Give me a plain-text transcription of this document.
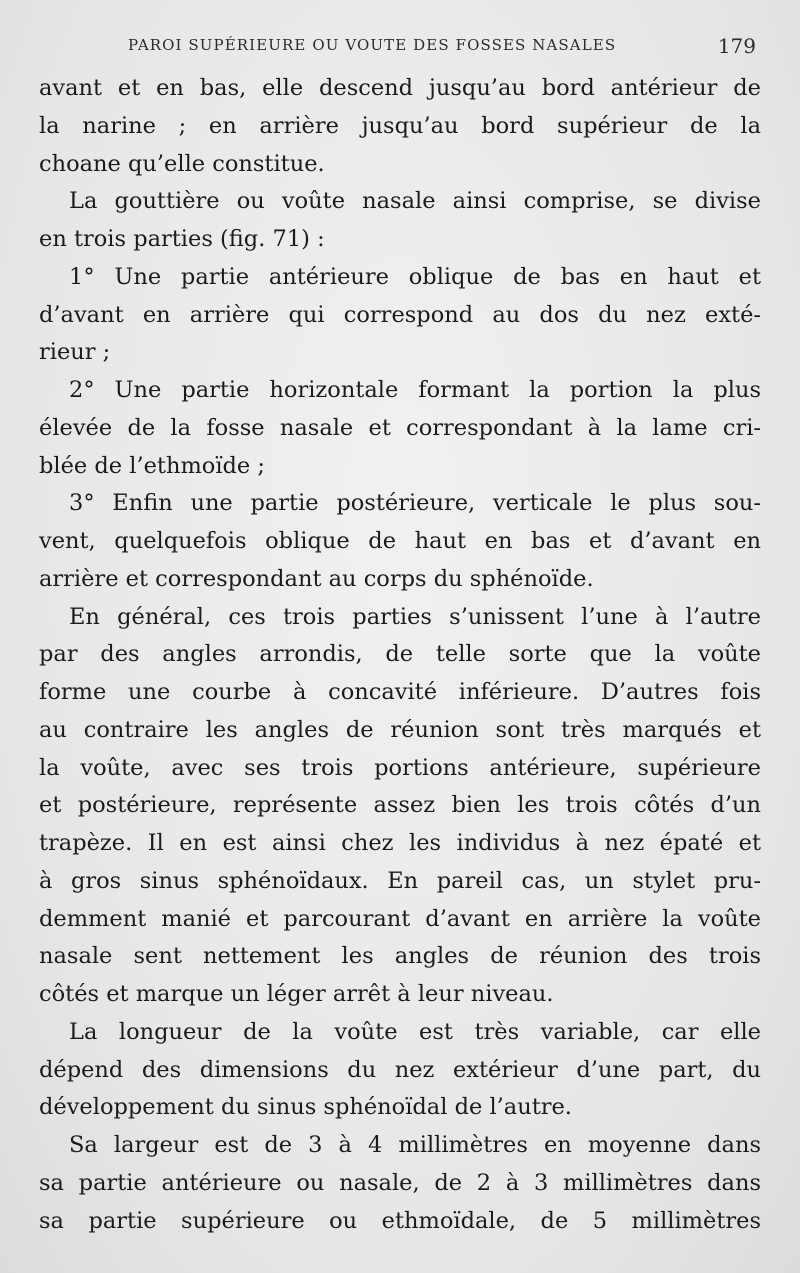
PAROI SUPÉRIEURE OU VOUTE DES FOSSES NASALES	179
avant et en bas, elle descend jusqu’au bord antérieur de
la narine ; en arrière jusqu’au bord supérieur de la
choane qu’elle constitue.
La gouttière ou voûte nasale ainsi comprise, se divise
en trois parties (fig. 71) :
1° Une partie antérieure oblique de bas en haut et
d’avant en arrière qui correspond au dos du nez exté-
rieur ;
2° Une partie horizontale formant la portion la plus
élevée de la fosse nasale et correspondant à la lame cri-
blée de l’ethmoïde ;
3° Enfin une partie postérieure, verticale le plus sou-
vent, quelquefois oblique de haut en bas et d’avant en
arrière et correspondant au corps du sphénoïde.
En général, ces trois parties s’unissent l’une à l’autre
par des angles arrondis, de telle sorte que la voûte
forme une courbe à concavité inférieure. D’autres fois
au contraire les angles de réunion sont très marqués et
la voûte, avec ses trois portions antérieure, supérieure
et postérieure, représente assez bien les trois côtés d’un
trapèze. Il en est ainsi chez les individus à nez épaté et
à gros sinus sphénoïdaux. En pareil cas, un stylet pru-
demment manié et parcourant d’avant en arrière la voûte
nasale sent nettement les angles de réunion des trois
côtés et marque un léger arrêt à leur niveau.
La longueur de la voûte est très variable, car elle
dépend des dimensions du nez extérieur d’une part, du
développement du sinus sphénoïdal de l’autre.
Sa largeur est de 3 à 4 millimètres en moyenne dans
sa partie antérieure ou nasale, de 2 à 3 millimètres dans
sa partie supérieure ou ethmoïdale, de 5 millimètres
